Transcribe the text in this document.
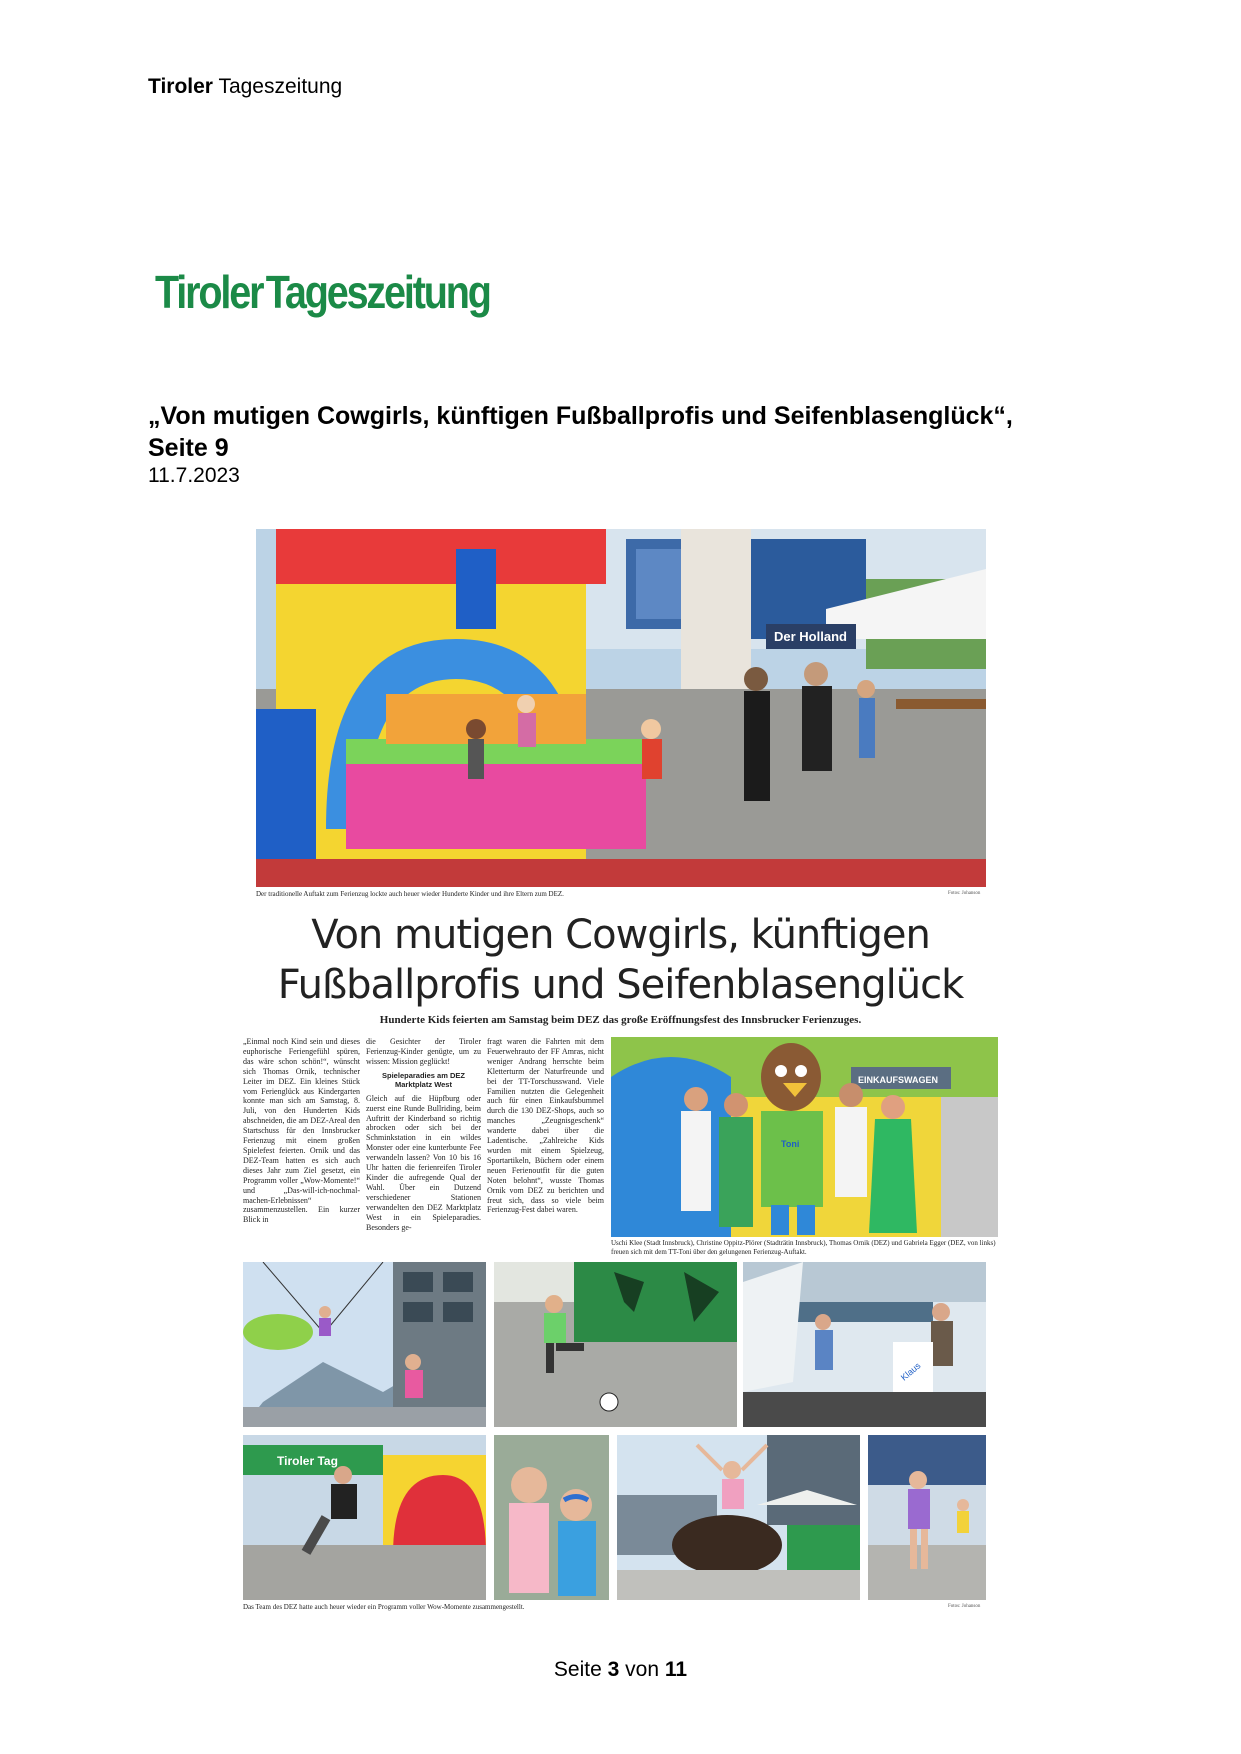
Tiroler Tageszeitung
Tiroler Tageszeitung
„Von mutigen Cowgirls, künftigen Fußballprofis und Seifenblasenglück“,
Seite 9
11.7.2023
Der Holland
Der traditionelle Auftakt zum Ferienzug lockte auch heuer wieder Hunderte Kinder und ihre Eltern zum DEZ.	Fotos: Johanson
Von mutigen Cowgirls, künftigen
Fußballprofis und Seifenblasenglück
Hunderte Kids feierten am Samstag beim DEZ das große Eröffnungsfest des Innsbrucker Ferienzuges.
„Einmal noch Kind sein und dieses euphorische Feriengefühl spüren, das wäre schon schön!“, wünscht sich Thomas Ornik, technischer Leiter im DEZ. Ein kleines Stück vom Ferienglück aus Kindergarten konnte man sich am Samstag, 8. Juli, von den Hunderten Kids abschneiden, die am DEZ-Areal den Startschuss für den Innsbrucker Ferienzug mit einem großen Spielefest feierten. Ornik und das DEZ-Team hatten es sich auch dieses Jahr zum Ziel gesetzt, ein Programm voller „Wow-Momente!“ und „Das-will-ich-nochmal-machen-Erlebnissen“ zusammenzustellen. Ein kurzer Blick in
die Gesichter der Tiroler Ferienzug-Kinder genügte, um zu wissen: Mission geglückt!
Spieleparadies am DEZ Marktplatz West
Gleich auf die Hüpfburg oder zuerst eine Runde Bullriding, beim Auftritt der Kinderband so richtig abrocken oder sich bei der Schminkstation in ein wildes Monster oder eine kunterbunte Fee verwandeln lassen? Von 10 bis 16 Uhr hatten die ferienreifen Tiroler Kinder die aufregende Qual der Wahl. Über ein Dutzend verschiedener Stationen verwandelten den DEZ Marktplatz West in ein Spieleparadies. Besonders ge-
fragt waren die Fahrten mit dem Feuerwehrauto der FF Amras, nicht weniger Andrang herrschte beim Kletterturm der Naturfreunde und bei der TT-Torschusswand. Viele Familien nutzten die Gelegenheit auch für einen Einkaufsbummel durch die 130 DEZ-Shops, auch so manches „Zeugnisgeschenk“ wanderte dabei über die Ladentische. „Zahlreiche Kids wurden mit einem Spielzeug, Sportartikeln, Büchern oder einem neuen Ferienoutfit für die guten Noten belohnt“, wusste Thomas Ornik vom DEZ zu berichten und freut sich, dass so viele beim Ferienzug-Fest dabei waren.
EINKAUFSWAGEN
Toni
Uschi Klee (Stadt Innsbruck), Christine Oppitz-Plörer (Stadträtin Innsbruck), Thomas Ornik (DEZ) und Gabriela Egger (DEZ, von links) freuen sich mit dem TT-Toni über den gelungenen Ferienzug-Auftakt.
Klaus
Tiroler Tag
Das Team des DEZ hatte auch heuer wieder ein Programm voller Wow-Momente zusammengestellt.	Fotos: Johanson
Seite 3 von 11
